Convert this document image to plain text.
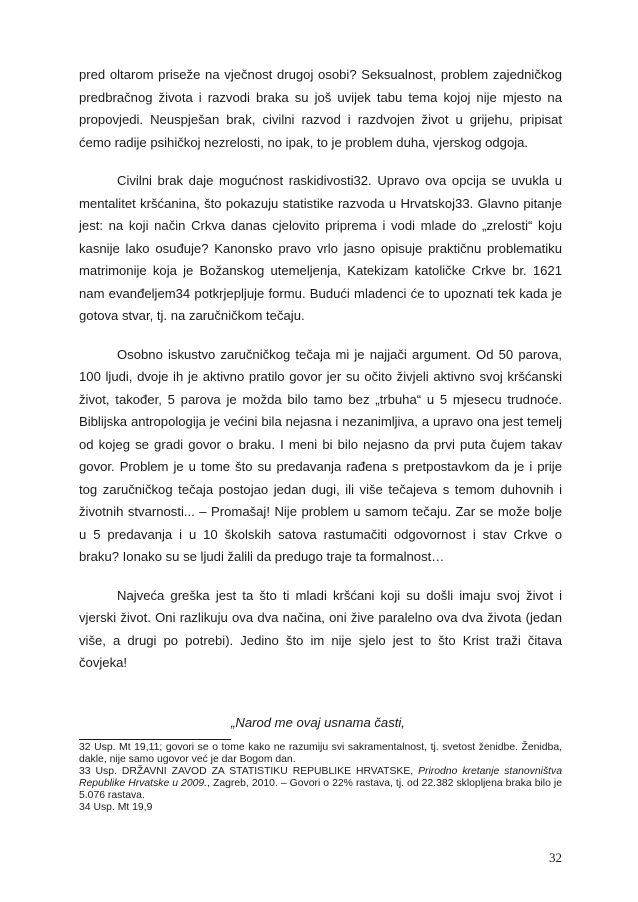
pred oltarom priseže na vječnost drugoj osobi? Seksualnost, problem zajedničkog predbračnog života i razvodi braka su još uvijek tabu tema kojoj nije mjesto na propovjedi. Neuspješan brak, civilni razvod i razdvojen život u grijehu, pripisat ćemo radije psihičkoj nezrelosti, no ipak, to je problem duha, vjerskog odgoja.

Civilni brak daje mogućnost raskidivosti32. Upravo ova opcija se uvukla u mentalitet kršćanina, što pokazuju statistike razvoda u Hrvatskoj33. Glavno pitanje jest: na koji način Crkva danas cjelovito priprema i vodi mlade do „zrelosti“ koju kasnije lako osuđuje? Kanonsko pravo vrlo jasno opisuje praktičnu problematiku matrimonije koja je Božanskog utemeljenja, Katekizam katoličke Crkve br. 1621 nam evanđeljem34 potkrjepljuje formu. Budući mladenci će to upoznati tek kada je gotova stvar, tj. na zaručničkom tečaju.

Osobno iskustvo zaručničkog tečaja mi je najjači argument. Od 50 parova, 100 ljudi, dvoje ih je aktivno pratilo govor jer su očito živjeli aktivno svoj kršćanski život, također, 5 parova je možda bilo tamo bez „trbuha“ u 5 mjesecu trudnoće. Biblijska antropologija je većini bila nejasna i nezanimljiva, a upravo ona jest temelj od kojeg se gradi govor o braku. I meni bi bilo nejasno da prvi puta čujem takav govor. Problem je u tome što su predavanja rađena s pretpostavkom da je i prije tog zaručničkog tečaja postojao jedan dugi, ili više tečajeva s temom duhovnih i životnih stvarnosti... – Promašaj! Nije problem u samom tečaju. Zar se može bolje u 5 predavanja i u 10 školskih satova rastumačiti odgovornost i stav Crkve o braku? Ionako su se ljudi žalili da predugo traje ta formalnost…

Najveća greška jest ta što ti mladi kršćani koji su došli imaju svoj život i vjerski život. Oni razlikuju ova dva načina, oni žive paralelno ova dva života (jedan više, a drugi po potrebi). Jedino što im nije sjelo jest to što Krist traži čitava čovjeka!

„Narod me ovaj usnama časti,

32 Usp. Mt 19,11; govori se o tome kako ne razumiju svi sakramentalnost, tj. svetost ženidbe. Ženidba, dakle, nije samo ugovor već je dar Bogom dan.

33 Usp. DRŽAVNI ZAVOD ZA STATISTIKU REPUBLIKE HRVATSKE, Prirodno kretanje stanovništva Republike Hrvatske u 2009., Zagreb, 2010. – Govori o 22% rastava, tj. od 22.382 sklopljena braka bilo je 5.076 rastava.

34 Usp. Mt 19,9

32
